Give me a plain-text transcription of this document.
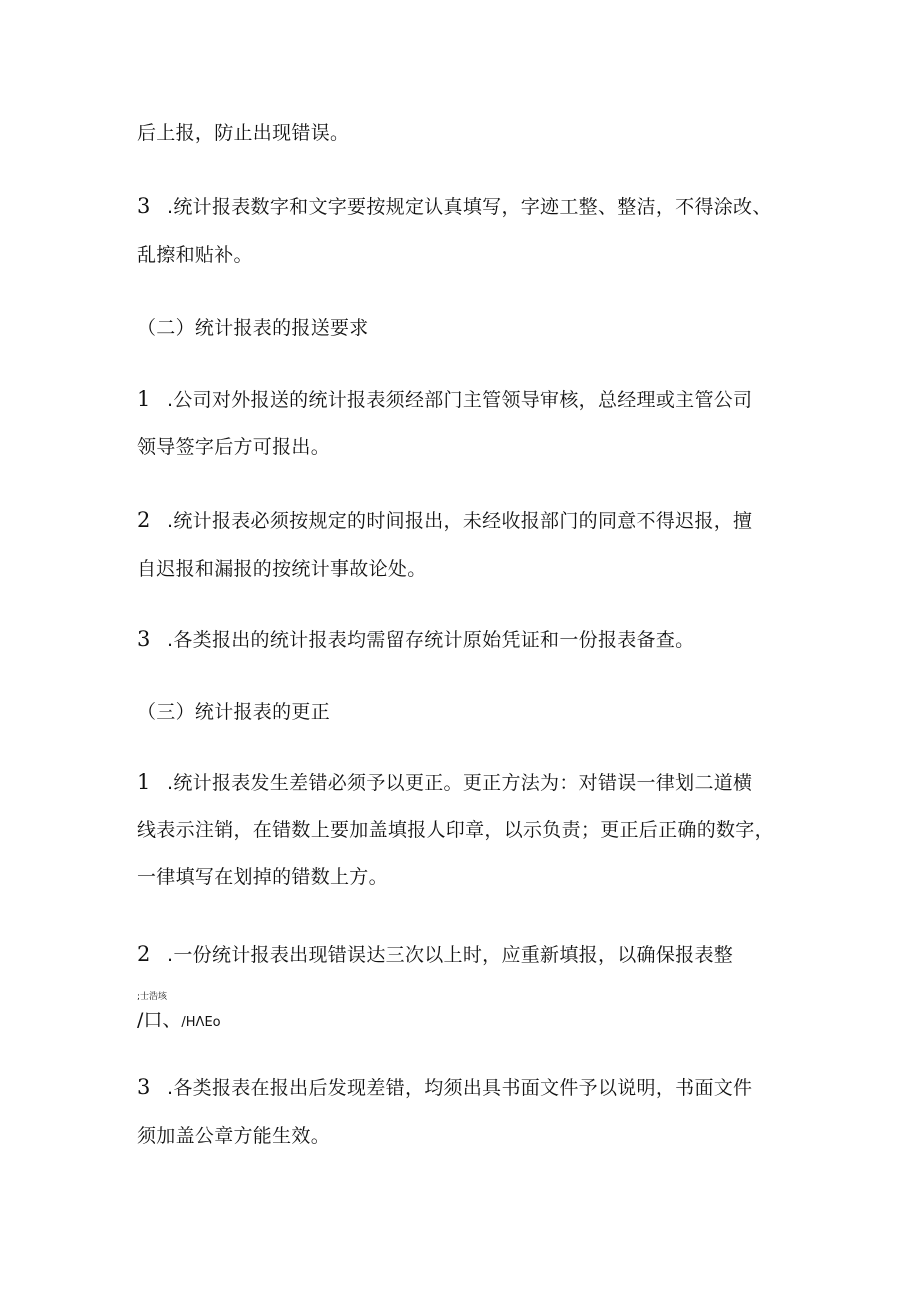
后上报，防止出现错误。
3 .统计报表数字和文字要按规定认真填写，字迹工整、整洁，不得涂改、
乱擦和贴补。
（二）统计报表的报送要求
1 .公司对外报送的统计报表须经部门主管领导审核，总经理或主管公司
领导签字后方可报出。
2 .统计报表必须按规定的时间报出，未经收报部门的同意不得迟报，擅
自迟报和漏报的按统计事故论处。
3 .各类报出的统计报表均需留存统计原始凭证和一份报表备查。
（三）统计报表的更正
1 .统计报表发生差错必须予以更正。更正方法为：对错误一律划二道横
线表示注销，在错数上要加盖填报人印章，以示负责；更正后正确的数字，
一律填写在划掉的错数上方。
2 .一份统计报表出现错误达三次以上时，应重新填报，以确保报表整
;士浩垓
/口、/HΛEo
3 .各类报表在报出后发现差错，均须出具书面文件予以说明，书面文件
须加盖公章方能生效。
